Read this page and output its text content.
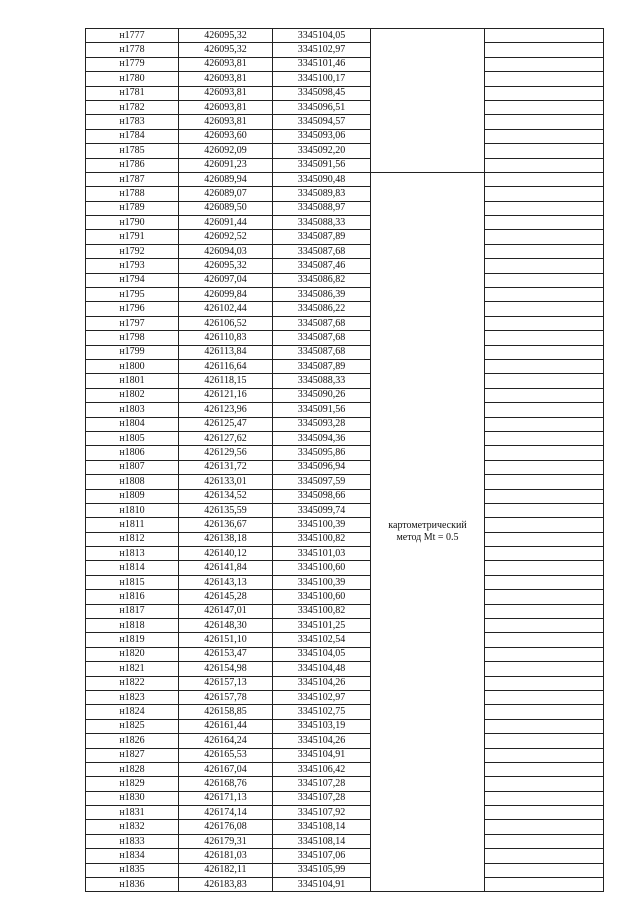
н1777	426095,32	3345104,05		
н1778	426095,32	3345102,97		
н1779	426093,81	3345101,46		
н1780	426093,81	3345100,17		
н1781	426093,81	3345098,45		
н1782	426093,81	3345096,51		
н1783	426093,81	3345094,57		
н1784	426093,60	3345093,06		
н1785	426092,09	3345092,20		
н1786	426091,23	3345091,56		
н1787	426089,94	3345090,48	картометрический
метод Mt = 0.5	

н1788	426089,07	3345089,83		
н1789	426089,50	3345088,97		
н1790	426091,44	3345088,33		
н1791	426092,52	3345087,89		
н1792	426094,03	3345087,68		
н1793	426095,32	3345087,46		
н1794	426097,04	3345086,82		
н1795	426099,84	3345086,39		
н1796	426102,44	3345086,22		
н1797	426106,52	3345087,68		
н1798	426110,83	3345087,68		
н1799	426113,84	3345087,68		
н1800	426116,64	3345087,89		
н1801	426118,15	3345088,33		
н1802	426121,16	3345090,26		
н1803	426123,96	3345091,56		
н1804	426125,47	3345093,28		
н1805	426127,62	3345094,36		
н1806	426129,56	3345095,86		
н1807	426131,72	3345096,94		
н1808	426133,01	3345097,59		
н1809	426134,52	3345098,66		
н1810	426135,59	3345099,74		
н1811	426136,67	3345100,39		
н1812	426138,18	3345100,82		
н1813	426140,12	3345101,03		
н1814	426141,84	3345100,60		
н1815	426143,13	3345100,39		
н1816	426145,28	3345100,60		
н1817	426147,01	3345100,82		
н1818	426148,30	3345101,25		
н1819	426151,10	3345102,54		
н1820	426153,47	3345104,05		
н1821	426154,98	3345104,48		
н1822	426157,13	3345104,26		
н1823	426157,78	3345102,97		
н1824	426158,85	3345102,75		
н1825	426161,44	3345103,19		
н1826	426164,24	3345104,26		
н1827	426165,53	3345104,91		
н1828	426167,04	3345106,42		
н1829	426168,76	3345107,28		
н1830	426171,13	3345107,28		
н1831	426174,14	3345107,92		
н1832	426176,08	3345108,14		
н1833	426179,31	3345108,14		
н1834	426181,03	3345107,06		
н1835	426182,11	3345105,99		
н1836	426183,83	3345104,91		
